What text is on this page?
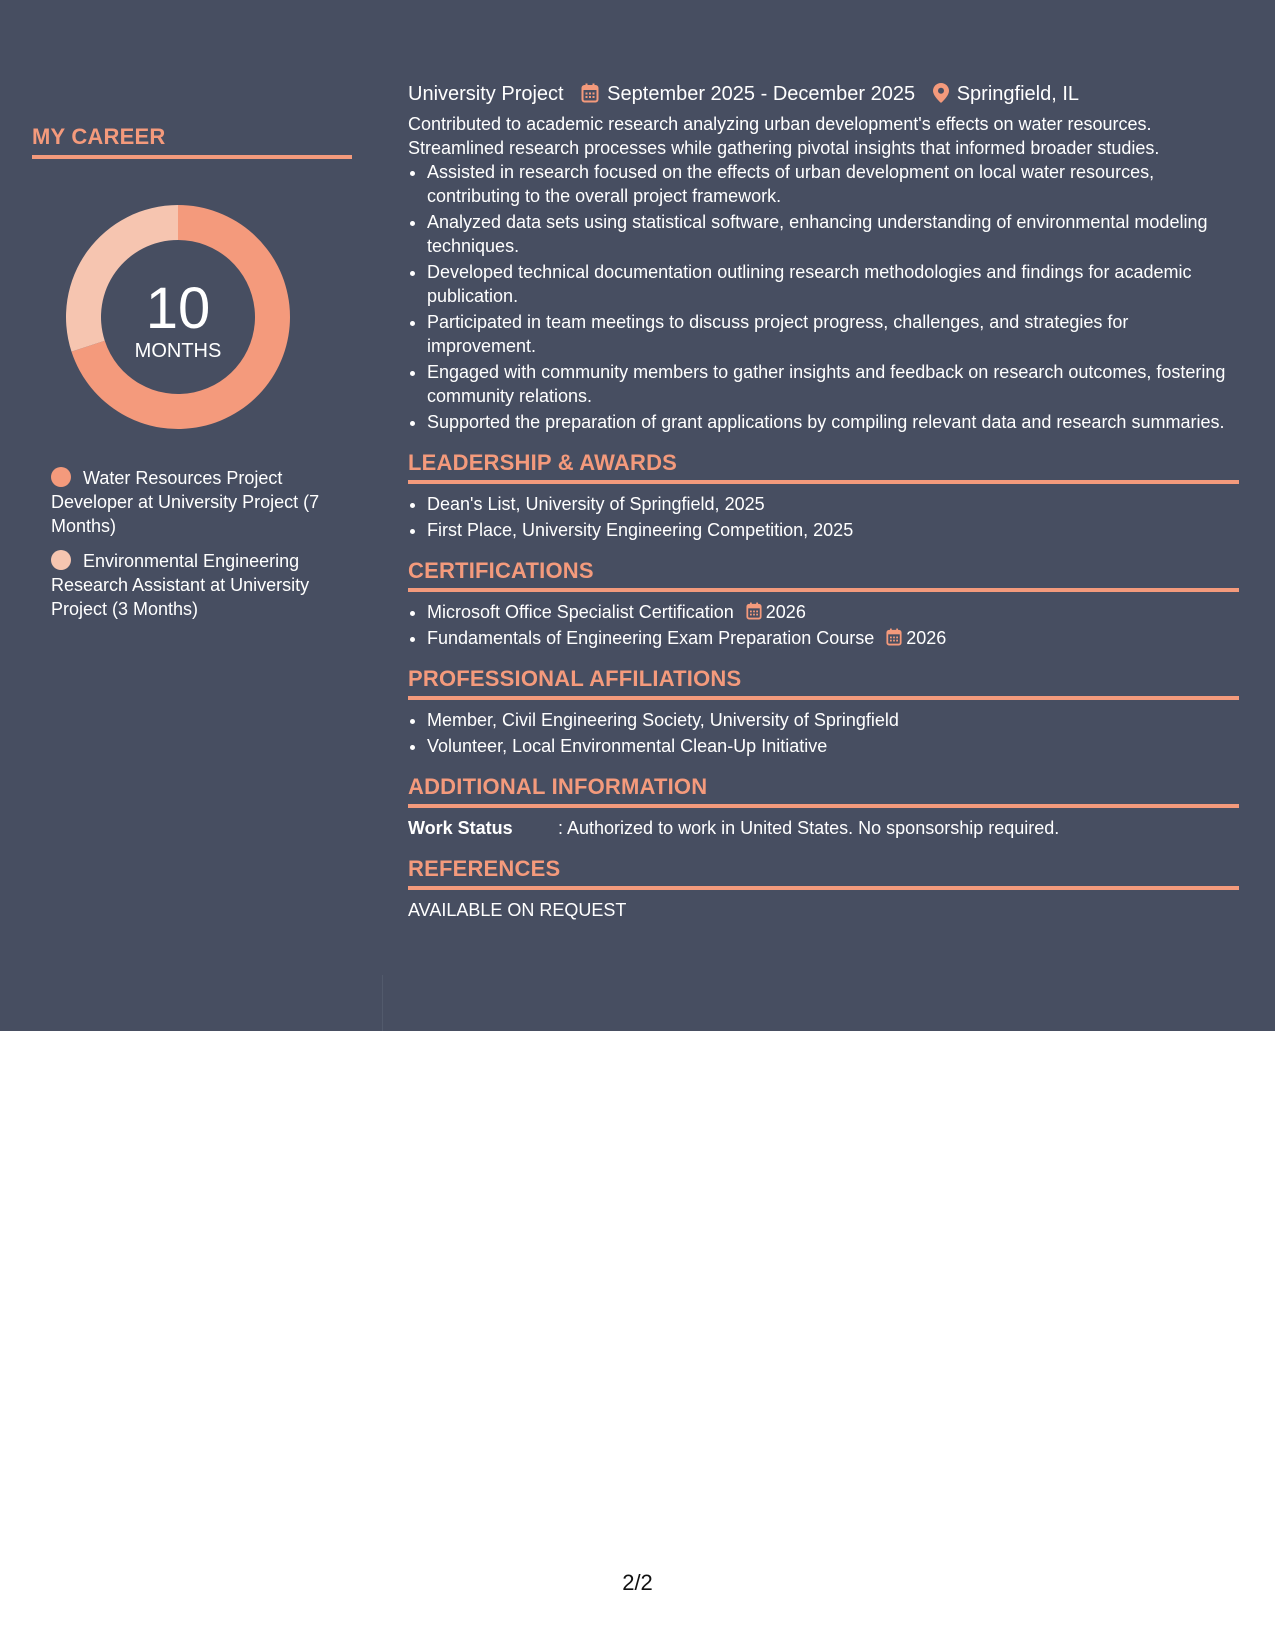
MY CAREER
10
MONTHS
Water Resources Project Developer at University Project (7 Months)
Environmental Engineering Research Assistant at University Project (3 Months)
University Project September 2025 - December 2025 Springfield, IL

Contributed to academic research analyzing urban development's effects on water resources. Streamlined research processes while gathering pivotal insights that informed broader studies.

• Assisted in research focused on the effects of urban development on local water resources, contributing to the overall project framework.
• Analyzed data sets using statistical software, enhancing understanding of environmental modeling techniques.
• Developed technical documentation outlining research methodologies and findings for academic publication.
• Participated in team meetings to discuss project progress, challenges, and strategies for improvement.
• Engaged with community members to gather insights and feedback on research outcomes, fostering community relations.
• Supported the preparation of grant applications by compiling relevant data and research summaries.
LEADERSHIP & AWARDS
• Dean's List, University of Springfield, 2025
• First Place, University Engineering Competition, 2025
CERTIFICATIONS
• Microsoft Office Specialist Certification 2026
• Fundamentals of Engineering Exam Preparation Course 2026
PROFESSIONAL AFFILIATIONS
• Member, Civil Engineering Society, University of Springfield
• Volunteer, Local Environmental Clean-Up Initiative
ADDITIONAL INFORMATION
Work Status	: Authorized to work in United States. No sponsorship required.
REFERENCES
AVAILABLE ON REQUEST
2/2
